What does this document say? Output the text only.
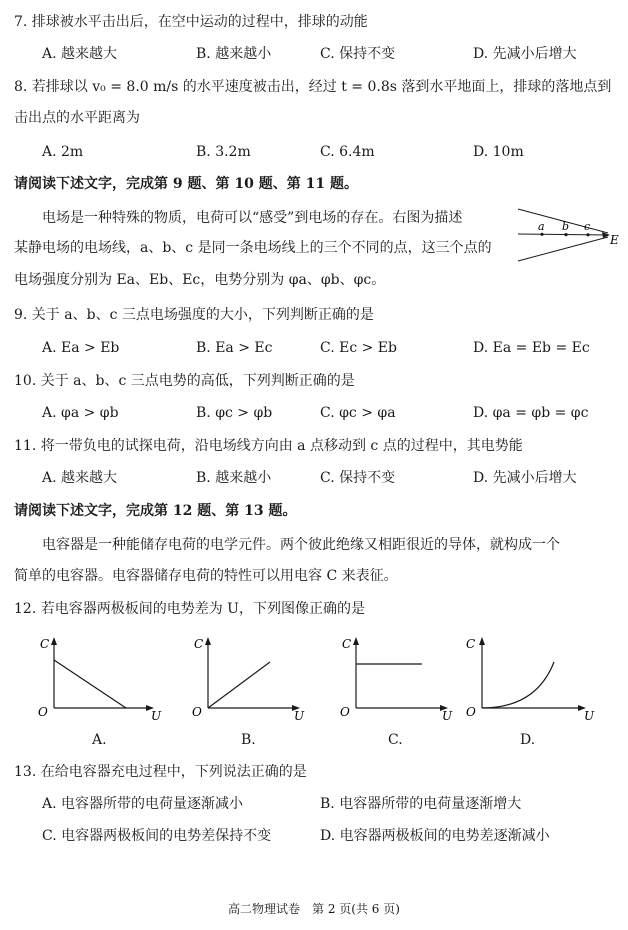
7. 排球被水平击出后，在空中运动的过程中，排球的动能
A. 越来越大	B. 越来越小	C. 保持不变	D. 先减小后增大
8. 若排球以 v₀ = 8.0 m/s 的水平速度被击出，经过 t = 0.8s 落到水平地面上，排球的落地点到
击出点的水平距离为
A. 2m	B. 3.2m	C. 6.4m	D. 10m
请阅读下述文字，完成第 9 题、第 10 题、第 11 题。
电场是一种特殊的物质，电荷可以“感受”到电场的存在。右图为描述
某静电场的电场线，a、b、c 是同一条电场线上的三个不同的点，这三个点的
电场强度分别为 Ea、Eb、Ec，电势分别为 φa、φb、φc。
a b c
E
9. 关于 a、b、c 三点电场强度的大小，下列判断正确的是
A. Ea > Eb	B. Ea > Ec	C. Ec > Eb	D. Ea = Eb = Ec
10. 关于 a、b、c 三点电势的高低，下列判断正确的是
A. φa > φb	B. φc > φb	C. φc > φa	D. φa = φb = φc
11. 将一带负电的试探电荷，沿电场线方向由 a 点移动到 c 点的过程中，其电势能
A. 越来越大	B. 越来越小	C. 保持不变	D. 先减小后增大
请阅读下述文字，完成第 12 题、第 13 题。
电容器是一种能储存电荷的电学元件。两个彼此绝缘又相距很近的导体，就构成一个
简单的电容器。电容器储存电荷的特性可以用电容 C 来表征。
12. 若电容器两极板间的电势差为 U，下列图像正确的是
C
U
O
A.
C
U
O
B.
C
U
O
C.
C
U
O
D.
13. 在给电容器充电过程中，下列说法正确的是
A. 电容器所带的电荷量逐渐减小	B. 电容器所带的电荷量逐渐增大
C. 电容器两极板间的电势差保持不变	D. 电容器两极板间的电势差逐渐减小
高二物理试卷　第 2 页(共 6 页)
